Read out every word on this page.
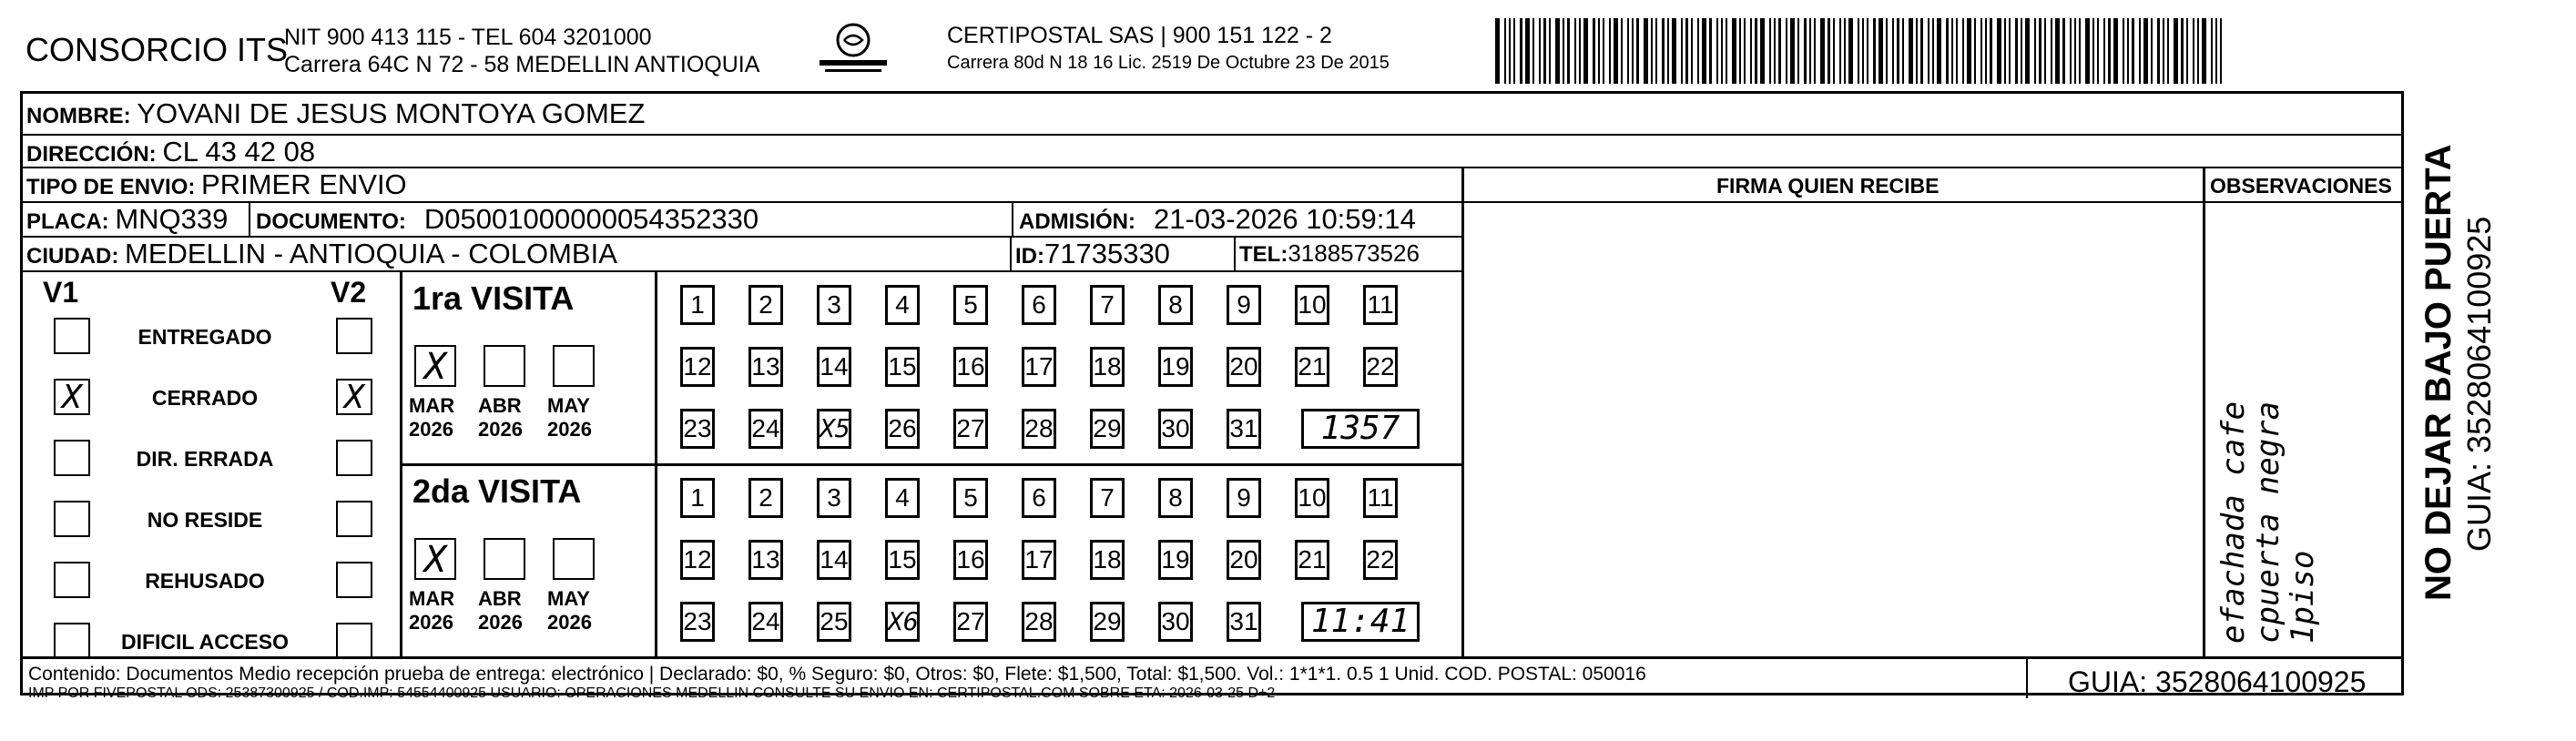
CONSORCIO ITS
NIT 900 413 115 - TEL 604 3201000
Carrera 64C N 72 - 58 MEDELLIN ANTIOQUIA
CERTIPOSTAL SAS | 900 151 122 - 2
Carrera 80d N 18 16 Lic. 2519 De Octubre 23 De 2015
NOMBRE: YOVANI DE JESUS MONTOYA GOMEZ
DIRECCIÓN: CL 43 42 08
TIPO DE ENVIO: PRIMER ENVIO
PLACA: MNQ339 DOCUMENTO: D05001000000054352330	ADMISIÓN: 21-03-2026 10:59:14
CIUDAD: MEDELLIN - ANTIOQUIA - COLOMBIA	ID:71735330	TEL:3188573526
FIRMA QUIEN RECIBE	OBSERVACIONES
efachada cafe
cpuerta negra
1piso
V1	V2
ENTREGADO
X	CERRADO	X
DIR. ERRADA
NO RESIDE
REHUSADO
DIFICIL ACCESO
1ra VISITA
X
MAR
2026
ABR
2026
MAY
2026
1	2	3	4	5	6	7	8	9	10 11
12 13 14 15 16 17 18 19 20 21 22
23 24 X5 26 27 28 29 30 31	1357
2da VISITA
X
MAR
2026
ABR
2026
MAY
2026
1	2	3	4	5	6	7	8	9	10 11
12 13 14 15 16 17 18 19 20 21 22
23 24 25 X6 27 28 29 30 31	11:41
Contenido: Documentos Medio recepción prueba de entrega: electrónico | Declarado: $0, % Seguro: $0, Otros: $0, Flete: $1,500, Total: $1,500. Vol.: 1*1*1. 0.5 1 Unid. COD. POSTAL: 050016
IMP POR FIVEPOSTAL ODS: 25387300925 / COD.IMP: 54554400925 USUARIO: OPERACIONES MEDELLIN CONSULTE SU ENVIO EN: CERTIPOSTAL.COM SOBRE ETA: 2026-03-25 D+2	GUIA: 3528064100925
NO DEJAR BAJO PUERTA GUIA: 3528064100925
